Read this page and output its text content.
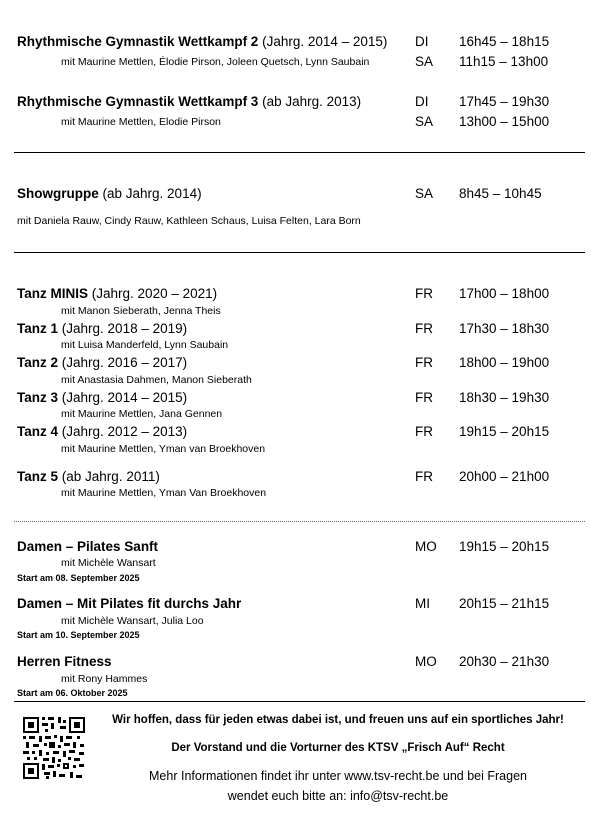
Rhythmische Gymnastik Wettkampf 2 (Jahrg. 2014 – 2015) DI 16h45 – 18h15
mit Maurine Mettlen, Élodie Pirson, Joleen Quetsch, Lynn Saubain	SA 11h15 – 13h00
Rhythmische Gymnastik Wettkampf 3 (ab Jahrg. 2013)	DI 17h45 – 19h30
mit Maurine Mettlen, Elodie Pirson	SA 13h00 – 15h00
Showgruppe (ab Jahrg. 2014)	SA 8h45 – 10h45
mit Daniela Rauw, Cindy Rauw, Kathleen Schaus, Luisa Felten, Lara Born
Tanz MINIS (Jahrg. 2020 – 2021)	FR 17h00 – 18h00
mit Manon Sieberath, Jenna Theis
Tanz 1 (Jahrg. 2018 – 2019)	FR 17h30 – 18h30
mit Luisa Manderfeld, Lynn Saubain
Tanz 2 (Jahrg. 2016 – 2017)	FR 18h00 – 19h00
mit Anastasia Dahmen, Manon Sieberath
Tanz 3 (Jahrg. 2014 – 2015)	FR 18h30 – 19h30
mit Maurine Mettlen, Jana Gennen
Tanz 4 (Jahrg. 2012 – 2013)	FR 19h15 – 20h15
mit Maurine Mettlen, Yman van Broekhoven
Tanz 5 (ab Jahrg. 2011)	FR 20h00 – 21h00
mit Maurine Mettlen, Yman Van Broekhoven
Damen – Pilates Sanft	MO 19h15 – 20h15
mit Michèle Wansart
Start am 08. September 2025
Damen – Mit Pilates fit durchs Jahr	MI 20h15 – 21h15
mit Michèle Wansart, Julia Loo
Start am 10. September 2025
Herren Fitness	MO 20h30 – 21h30
mit Rony Hammes
Start am 06. Oktober 2025
Wir hoffen, dass für jeden etwas dabei ist, und freuen uns auf ein sportliches Jahr!
Der Vorstand und die Vorturner des KTSV „Frisch Auf“ Recht
Mehr Informationen findet ihr unter www.tsv-recht.be und bei Fragen
wendet euch bitte an: info@tsv-recht.be
